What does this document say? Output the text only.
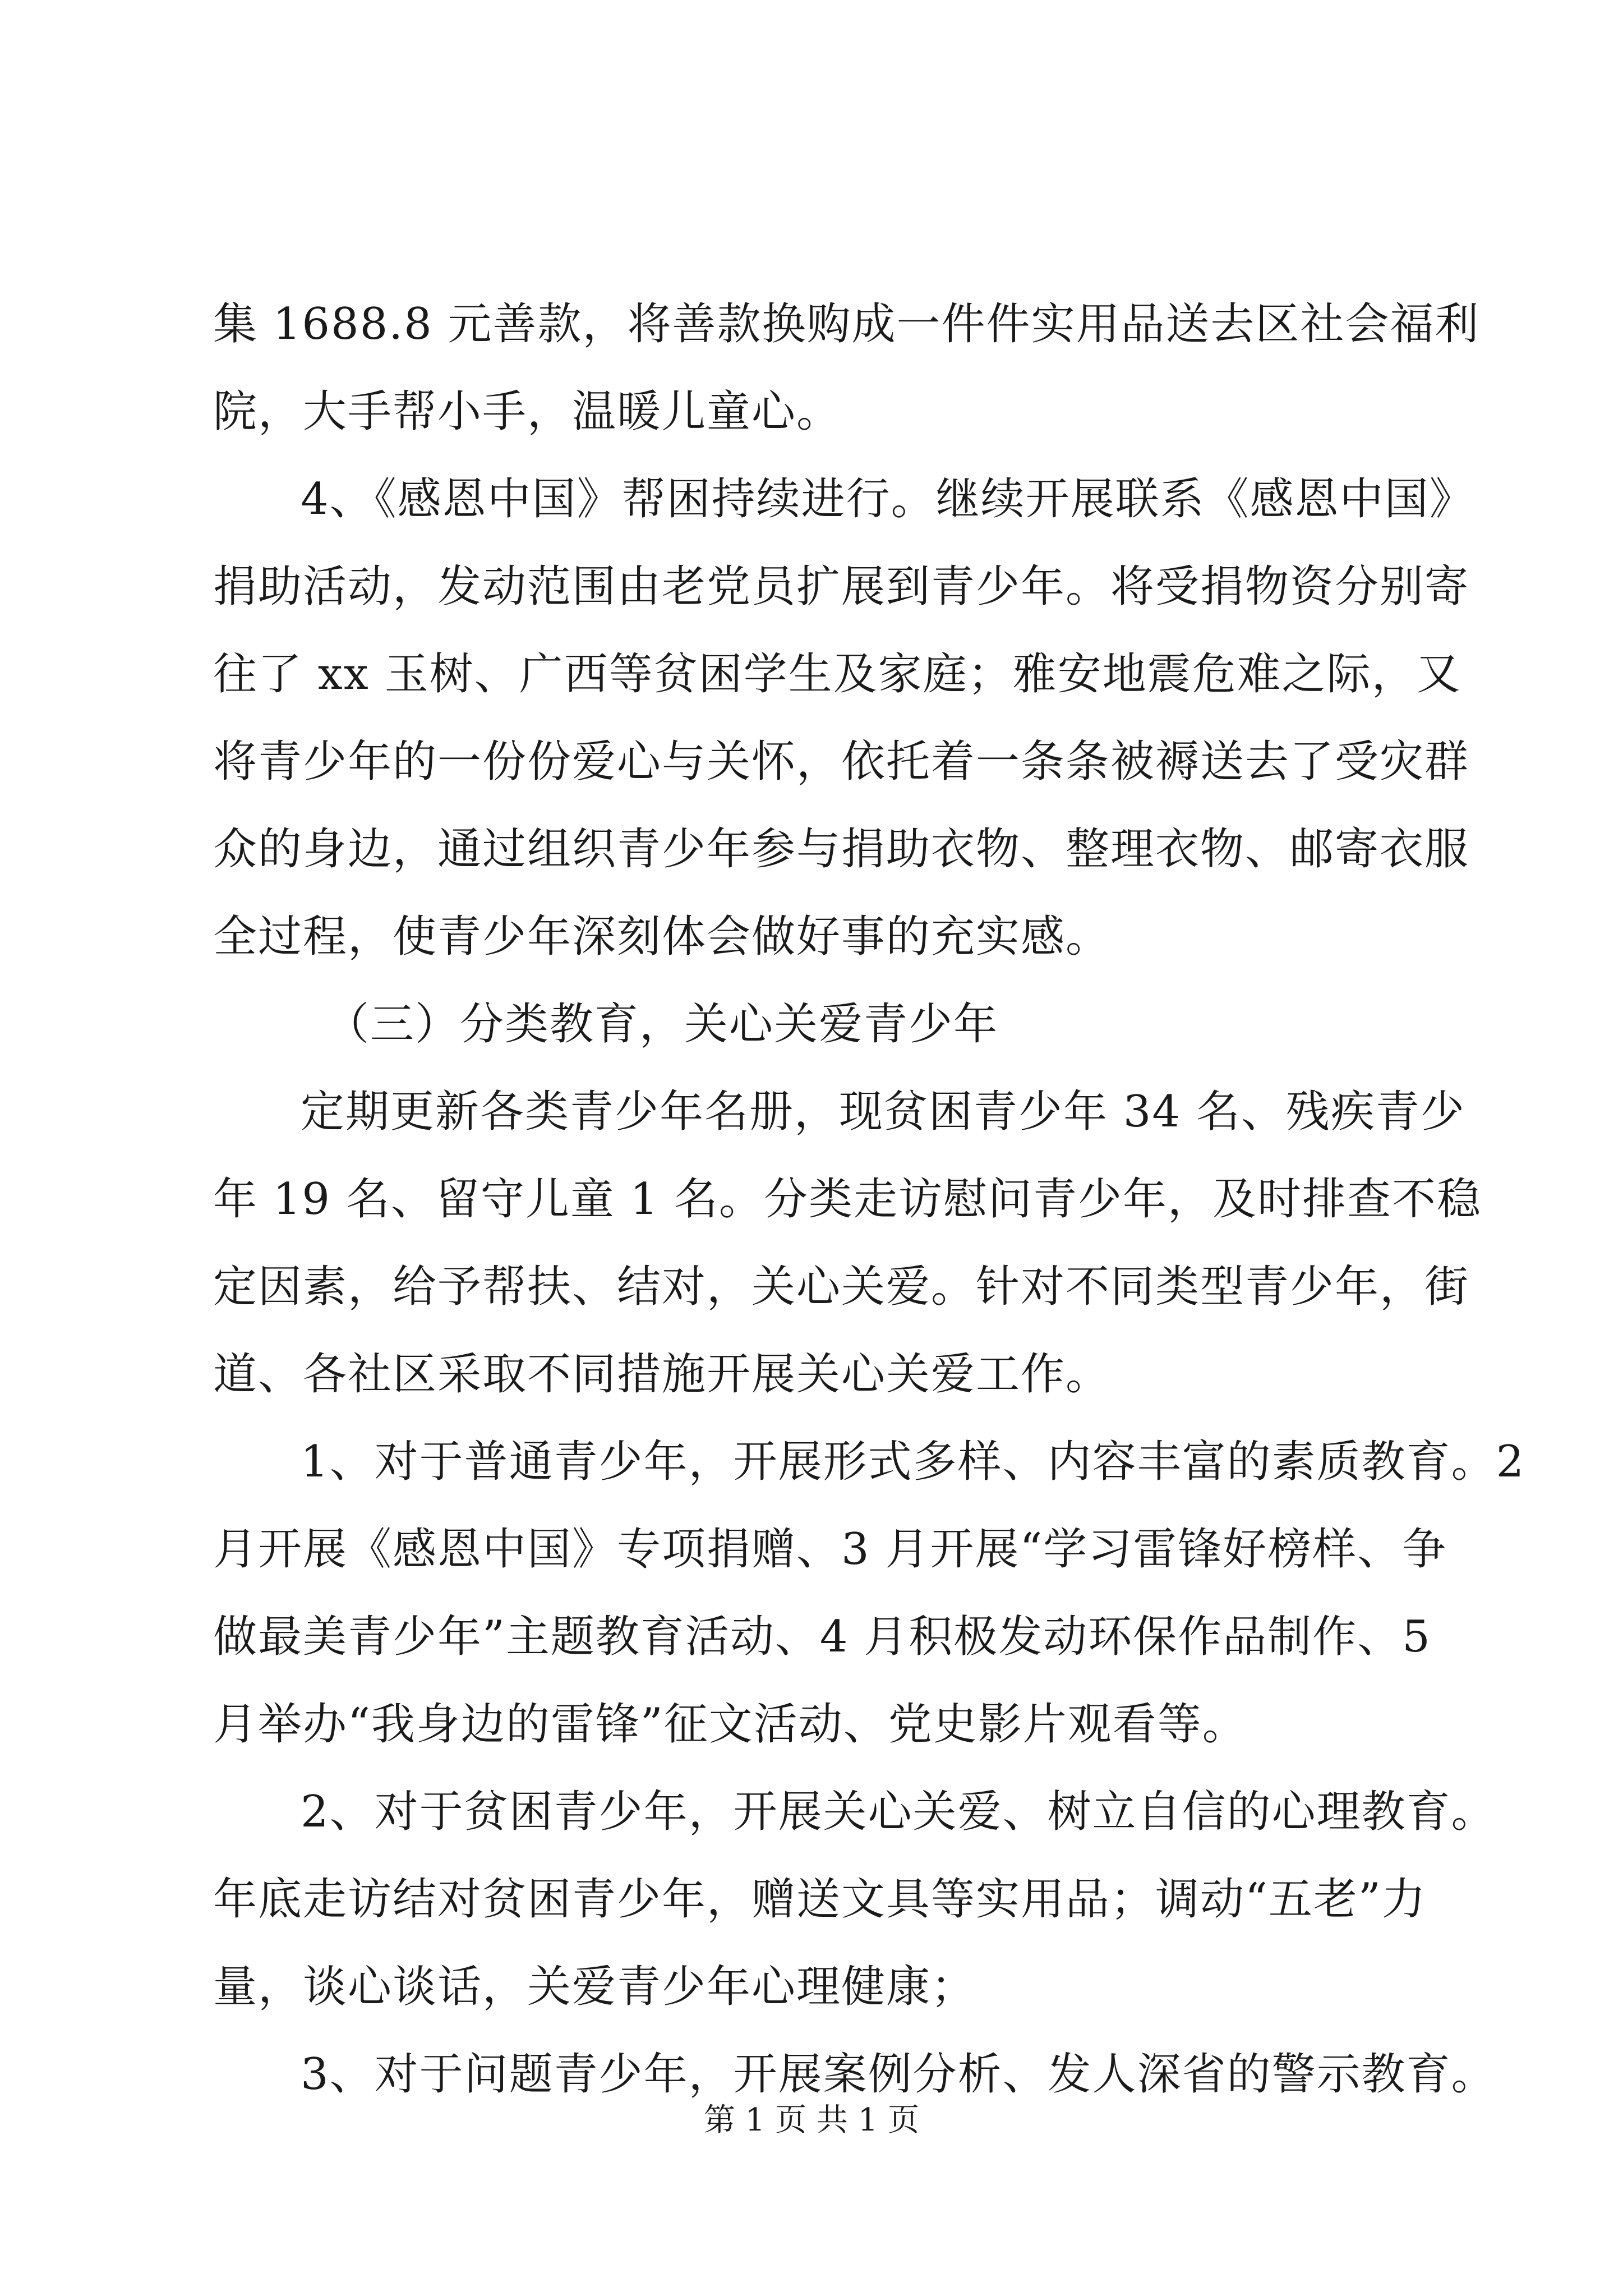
集 1688.8 元善款，将善款换购成一件件实用品送去区社会福利
院，大手帮小手，温暖儿童心。
4、《感恩中国》帮困持续进行。继续开展联系《感恩中国》
捐助活动，发动范围由老党员扩展到青少年。将受捐物资分别寄
往了 xx 玉树、广西等贫困学生及家庭；雅安地震危难之际，又
将青少年的一份份爱心与关怀，依托着一条条被褥送去了受灾群
众的身边，通过组织青少年参与捐助衣物、整理衣物、邮寄衣服
全过程，使青少年深刻体会做好事的充实感。
（三）分类教育，关心关爱青少年
定期更新各类青少年名册，现贫困青少年 34 名、残疾青少
年 19 名、留守儿童 1 名。分类走访慰问青少年，及时排查不稳
定因素，给予帮扶、结对，关心关爱。针对不同类型青少年，街
道、各社区采取不同措施开展关心关爱工作。
1、对于普通青少年，开展形式多样、内容丰富的素质教育。2
月开展《感恩中国》专项捐赠、3 月开展“学习雷锋好榜样、争
做最美青少年”主题教育活动、4 月积极发动环保作品制作、5
月举办“我身边的雷锋”征文活动、党史影片观看等。
2、对于贫困青少年，开展关心关爱、树立自信的心理教育。
年底走访结对贫困青少年，赠送文具等实用品；调动“五老”力
量，谈心谈话，关爱青少年心理健康；
3、对于问题青少年，开展案例分析、发人深省的警示教育。
第 1 页 共 1 页
